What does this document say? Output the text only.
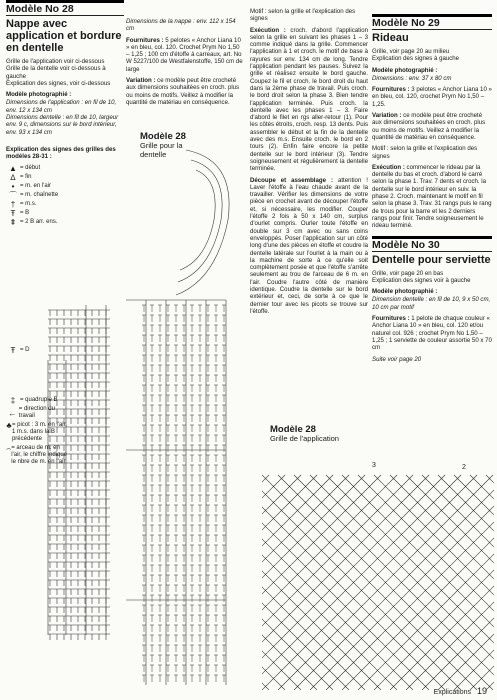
Modèle No 28

Nappe avec application et bordure en dentelle

Grille de l'application voir ci-dessous
Grille de la dentelle voir ci-dessous à gauche
Explication des signes, voir ci-dessous

Modèle photographié :

Dimensions de l'application : en fil de 10, env. 12 x 134 cm
Dimensions dentelle : en fil de 10, largeur env. 9 c, dimensions sur le bord intérieur, env. 93 x 134 cm

Explication des signes des grilles des modèles 28-31 :

▲ = début
∆ = fin
• = m. en l'air
⌒ = m. chaînette
† = m.s.
Ŧ = B
⇞ = 2 B arr. ens.
Ŧ = D
‡ = quadruple B
← = direction du travail
♣ = picot : 3 m. en l'air, 1 m.s. dans la B précédente
⌢ = arceau de m. en l'air, le chiffre indique le nbre de m. en l'air

Dimensions de la nappe : env. 112 x 154 cm

Fournitures : 5 pelotes « Anchor Liana 10 » en bleu, col. 120. Crochet Prym No 1,50 – 1,25 ; 100 cm d'étoffe à carreaux, art. No W 5227/100 de Westfalenstoffe, 150 cm de large

Variation : ce modèle peut être crocheté aux dimensions souhaitées en croch. plus ou moins de motifs. Veillez à modifier la quantité de matériau en conséquence.

Modèle 28

Grille pour la dentelle

Motif : selon la grille et l'explication des signes

Exécution : croch. d'abord l'application selon la grille en suivant les phases 1 – 3 comme indiqué dans la grille. Commencer l'application à 1 et croch. le motif de base à rayures sur env. 134 cm de long. Tendre l'application pendant les pauses. Suivez la grille et réalisez ensuite le bord gauche. Coupez le fil et croch. le bord droit du haut dans la 2ème phase de travail. Puis croch. le bord droit selon la phase 3. Bien tendre l'application terminée. Puis croch. la dentelle avec les phases 1 – 3. Faire d'abord le filet en rgs aller-retour (1). Pour les côtés étroits, croch. resp. 13 dents. Puis assembler le début et la fin de la dentelle avec des m.s. Ensuite croch. le bord en 2 tours (2). Enfin faire encore la petite dentelle sur le bord intérieur (3). Tendre soigneusement et régulièrement la dentelle terminée.

Découpe et assemblage : attention ! Laver l'étoffe à l'eau chaude avant de la travailler. Vérifier les dimensions de votre pièce en crochet avant de découper l'étoffe et, si nécessaire, les modifier. Couper l'étoffe 2 fois à 50 x 140 cm, surplus d'ourlet compris. Ourler toute l'étoffe en double sur 3 cm avec ou sans coins enveloppés. Poser l'application sur un côté long d'une des pièces en étoffe et coudre la dentelle latérale sur l'ourlet à la main ou à la machine de sorte à ce qu'elle soit complètement posée et que l'étoffe s'arrête seulement au trou de l'arceau de 6 m. en l'air. Coudre l'autre côté de manière identique. Coudre la dentelle sur le bord extérieur et, ceci, de sorte à ce que le dernier tour avec les picots se trouve sur l'étoffe.

Modèle 28

Grille de l'application

3	2

Modèle No 29

Rideau

Grille, voir page 20 au milieu
Explication des signes à gauche

Modèle photographié :

Dimensions : env. 37 x 80 cm

Fournitures : 3 pelotes « Anchor Liana 10 » en bleu, col. 120, crochet Prym No 1,50 – 1,25.

Variation : ce modèle peut être crocheté aux dimensions souhaitées en croch. plus ou moins de motifs. Veillez à modifier la quantité de matériau en conséquence.

Motif : selon la grille et l'explication des signes

Exécution : commencer le rideau par la dentelle du bas et croch. d'abord le carré selon la phase 1. Trav. 7 dents et croch. la dentelle sur le bord intérieur en suiv. la phase 2. Croch. maintenant le motif en fil selon la phase 3. Trav. 31 rangs puis le rang de trous pour la barre et les 2 derniers rangs pour finir. Tendre soigneusement le rideau terminé.

Modèle No 30

Dentelle pour serviette

Grille, voir page 20 en bas
Explication des signes voir à gauche

Modèle photographié :

Dimension dentelle : en fil de 10, 9 x 50 cm, 10 cm par motif

Fournitures : 1 pelote de chaque couleur « Anchor Liana 10 » en bleu, col. 120 et/ou naturel col. 926 ; crochet Prym No 1,50 – 1,25 ; 1 serviette de couleur assortie 50 x 70 cm

Suite voir page 20

Explications 19
